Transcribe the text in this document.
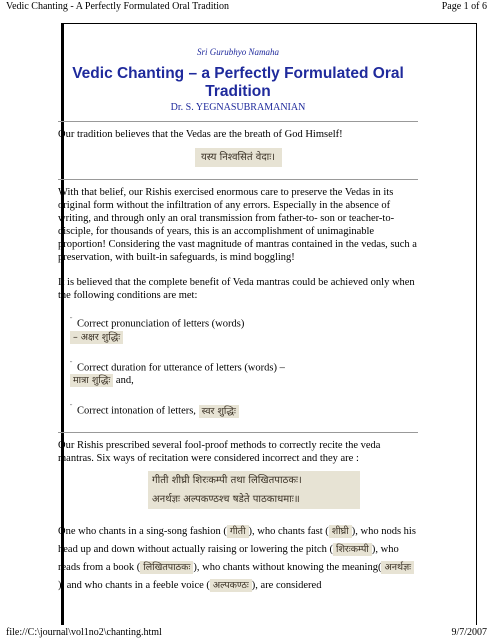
Vedic Chanting - A Perfectly Formulated Oral Tradition	Page 1 of 6

Sri Gurubhyo Namaha

Vedic Chanting – a Perfectly Formulated Oral Tradition

Dr. S. YEGNASUBRAMANIAN

Our tradition believes that the Vedas are the breath of God Himself!

यस्य निश्वसितं वेदाः।

With that belief, our Rishis exercised enormous care to preserve the Vedas in its original form without the infiltration of any errors. Especially in the absence of writing, and through only an oral transmission from father-to- son or teacher-to-disciple, for thousands of years, this is an accomplishment of unimaginable proportion! Considering the vast magnitude of mantras contained in the vedas, such a preservation, with built-in safeguards, is mind boggling!

It is believed that the complete benefit of Veda mantras could be achieved only when the following conditions are met:

¨ Correct pronunciation of letters (words)
– अक्षर शुद्धिः
¨ Correct duration for utterance of letters (words) –
मात्रा शुद्धिः and,
¨ Correct intonation of letters, स्वर शुद्धिः

Our Rishis prescribed several fool-proof methods to correctly recite the veda mantras. Six ways of recitation were considered incorrect and they are :

गीती शीघ्री शिरःकम्पी तथा लिखितपाठकः।
अनर्थज्ञः अल्पकण्ठश्च षडेते पाठकाधमाः॥

One who chants in a sing-song fashion ( गीती ), who chants fast ( शीघ्री ), who nods his head up and down without actually raising or lowering the pitch ( शिरःकम्पी ), who reads from a book ( लिखितपाठकः ), who chants without knowing the meaning( अनर्थज्ञः), and who chants in a feeble voice ( अल्पकण्ठः ), are considered

file://C:\journal\vol1no2\chanting.html	9/7/2007
